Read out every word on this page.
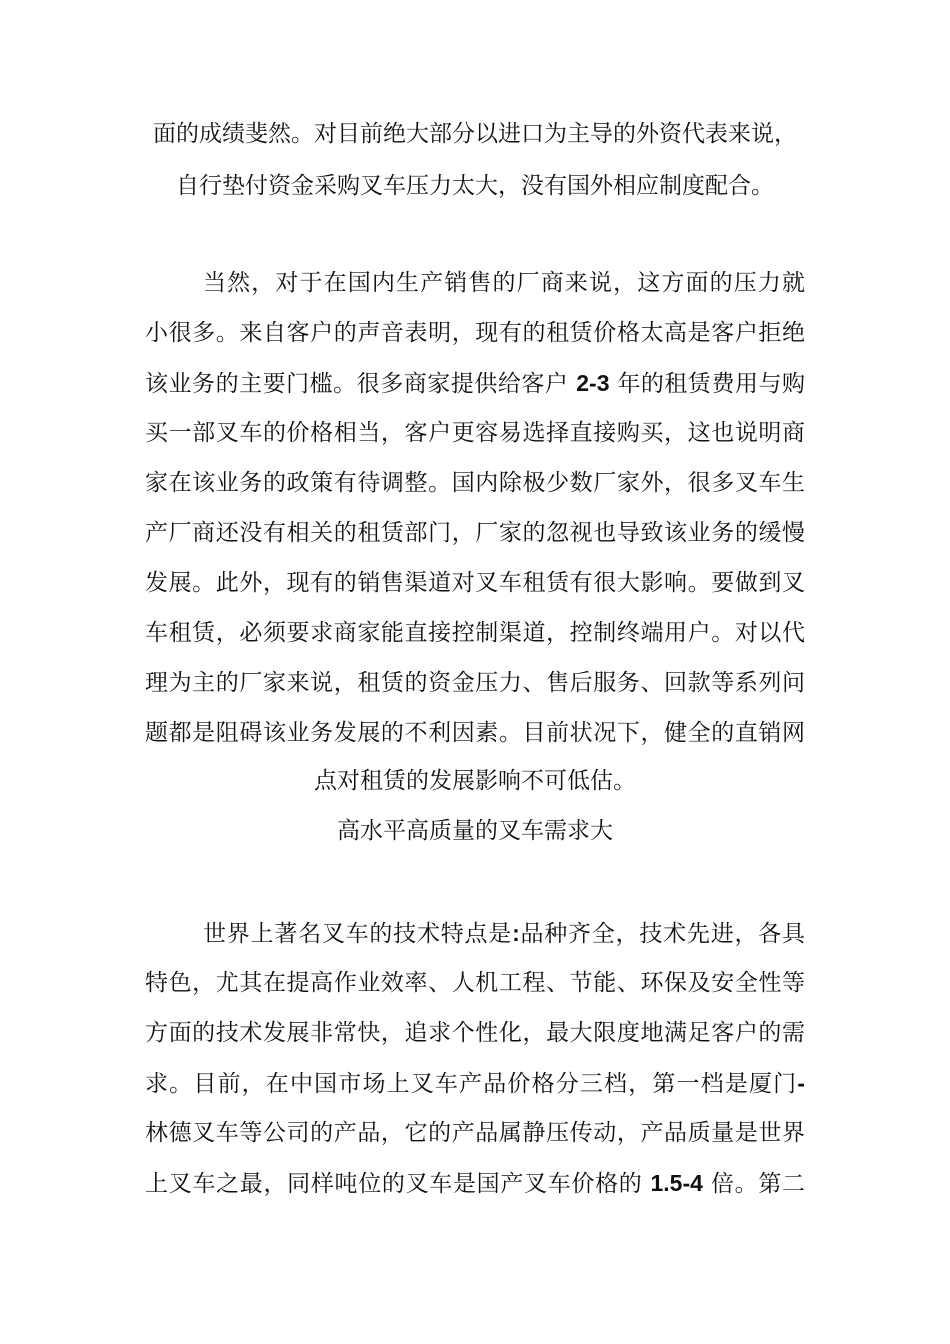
面的成绩斐然。对目前绝大部分以进口为主导的外资代表来说，
自行垫付资金采购叉车压力太大，没有国外相应制度配合。
当然，对于在国内生产销售的厂商来说，这方面的压力就
小很多。来自客户的声音表明，现有的租赁价格太高是客户拒绝
该业务的主要门槛。很多商家提供给客户 2-3 年的租赁费用与购
买一部叉车的价格相当，客户更容易选择直接购买，这也说明商
家在该业务的政策有待调整。国内除极少数厂家外，很多叉车生
产厂商还没有相关的租赁部门，厂家的忽视也导致该业务的缓慢
发展。此外，现有的销售渠道对叉车租赁有很大影响。要做到叉
车租赁，必须要求商家能直接控制渠道，控制终端用户。对以代
理为主的厂家来说，租赁的资金压力、售后服务、回款等系列问
题都是阻碍该业务发展的不利因素。目前状况下，健全的直销网
点对租赁的发展影响不可低估。
高水平高质量的叉车需求大
世界上著名叉车的技术特点是:品种齐全，技术先进，各具
特色，尤其在提高作业效率、人机工程、节能、环保及安全性等
方面的技术发展非常快，追求个性化，最大限度地满足客户的需
求。目前，在中国市场上叉车产品价格分三档，第一档是厦门-
林德叉车等公司的产品，它的产品属静压传动，产品质量是世界
上叉车之最，同样吨位的叉车是国产叉车价格的 1.5-4 倍。第二
